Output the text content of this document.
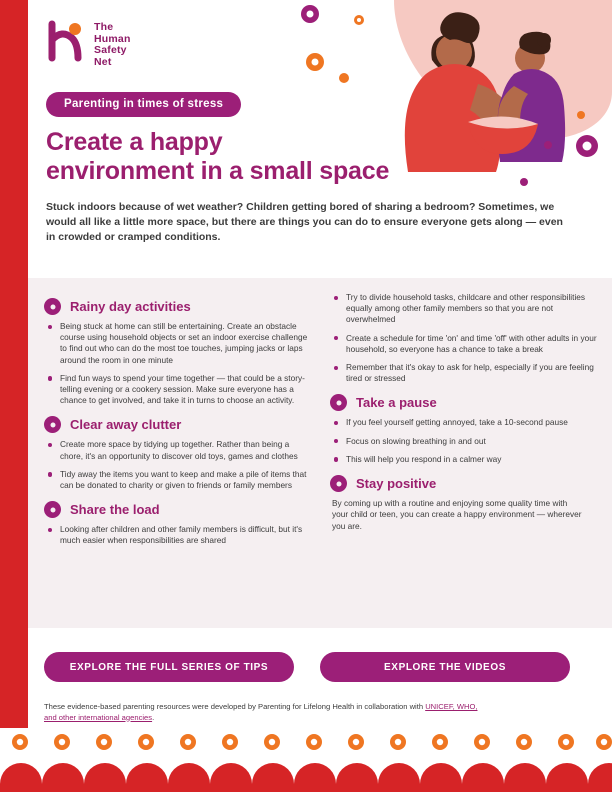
The
Human
Safety
Net
Parenting in times of stress
Create a happy
environment in a small space
Stuck indoors because of wet weather? Children getting bored of sharing a bedroom? Sometimes, we would all like a little more space, but there are things you can do to ensure everyone gets along — even in crowded or cramped conditions.
Rainy day activities
Being stuck at home can still be entertaining. Create an obstacle course using household objects or set an indoor exercise challenge to find out who can do the most toe touches, jumping jacks or laps around the room in one minute
Find fun ways to spend your time together — that could be a story-telling evening or a cookery session. Make sure everyone has a chance to get involved, and take it in turns to choose an activity.
Clear away clutter
Create more space by tidying up together. Rather than being a chore, it's an opportunity to discover old toys, games and clothes
Tidy away the items you want to keep and make a pile of items that can be donated to charity or given to friends or family members
Share the load
Looking after children and other family members is difficult, but it's much easier when responsibilities are shared
Try to divide household tasks, childcare and other responsibilities equally among other family members so that you are not overwhelmed
Create a schedule for time 'on' and time 'off' with other adults in your household, so everyone has a chance to take a break
Remember that it's okay to ask for help, especially if you are feeling tired or stressed
Take a pause
If you feel yourself getting annoyed, take a 10-second pause
Focus on slowing breathing in and out
This will help you respond in a calmer way
Stay positive
By coming up with a routine and enjoying some quality time with your child or teen, you can create a happy environment — wherever you are.
EXPLORE THE FULL SERIES OF TIPS	EXPLORE THE VIDEOS
These evidence-based parenting resources were developed by Parenting for Lifelong Health in collaboration with UNICEF, WHO, and other international agencies.
